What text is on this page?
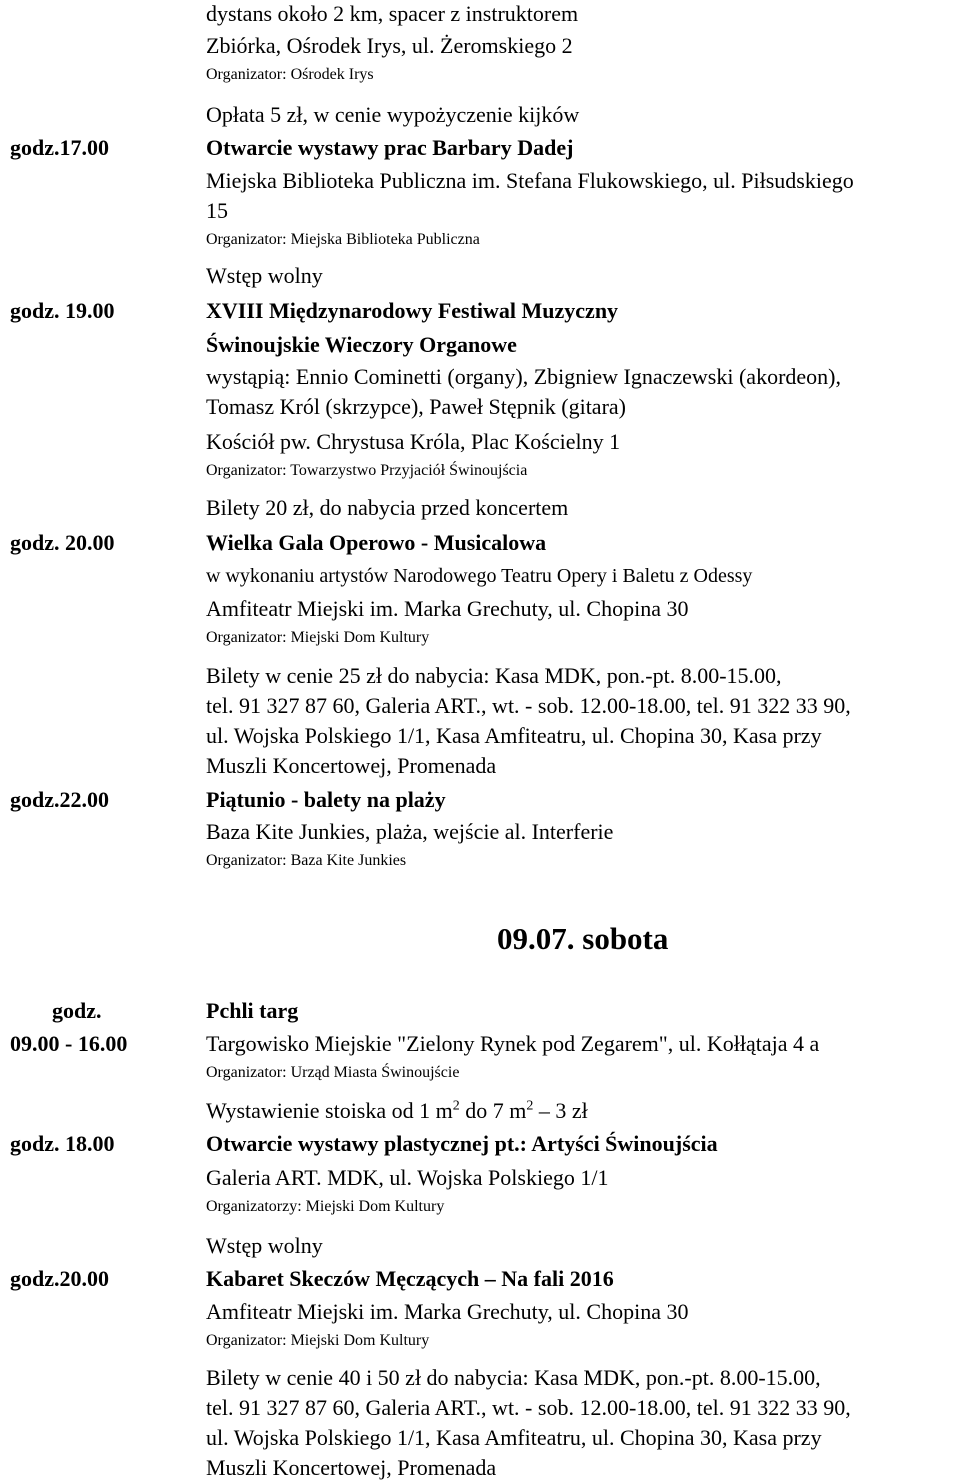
dystans około 2 km, spacer z instruktorem
Zbiórka, Ośrodek Irys, ul. Żeromskiego 2
Organizator: Ośrodek Irys
Opłata 5 zł, w cenie wypożyczenie kijków
godz.17.00	Otwarcie wystawy prac Barbary Dadej
Miejska Biblioteka Publiczna im. Stefana Flukowskiego, ul. Piłsudskiego
15
Organizator: Miejska Biblioteka Publiczna
Wstęp wolny
godz. 19.00	XVIII Międzynarodowy Festiwal Muzyczny
Świnoujskie Wieczory Organowe
wystąpią: Ennio Cominetti (organy), Zbigniew Ignaczewski (akordeon),
Tomasz Król (skrzypce), Paweł Stępnik (gitara)
Kościół pw. Chrystusa Króla, Plac Kościelny 1
Organizator: Towarzystwo Przyjaciół Świnoujścia
Bilety 20 zł, do nabycia przed koncertem
godz. 20.00	Wielka Gala Operowo - Musicalowa
w wykonaniu artystów Narodowego Teatru Opery i Baletu z Odessy
Amfiteatr Miejski im. Marka Grechuty, ul. Chopina 30
Organizator: Miejski Dom Kultury
Bilety w cenie 25 zł do nabycia: Kasa MDK, pon.-pt. 8.00-15.00,
tel. 91 327 87 60, Galeria ART., wt. - sob. 12.00-18.00, tel. 91 322 33 90,
ul. Wojska Polskiego 1/1, Kasa Amfiteatru, ul. Chopina 30, Kasa przy
Muszli Koncertowej, Promenada
godz.22.00	Piątunio - balety na plaży
Baza Kite Junkies, plaża, wejście al. Interferie
Organizator: Baza Kite Junkies
09.07. sobota
godz.	Pchli targ
09.00 - 16.00	Targowisko Miejskie "Zielony Rynek pod Zegarem", ul. Kołłątaja 4 a
Organizator: Urząd Miasta Świnoujście
Wystawienie stoiska od 1 $m^2$ do 7 $m^2 - 3$ zł
godz. 18.00	Otwarcie wystawy plastycznej pt.: Artyści Świnoujścia
Galeria ART. MDK, ul. Wojska Polskiego 1/1
Organizatorzy: Miejski Dom Kultury
Wstęp wolny
godz.20.00	Kabaret Skeczów Męczących – Na fali 2016
Amfiteatr Miejski im. Marka Grechuty, ul. Chopina 30
Organizator: Miejski Dom Kultury
Bilety w cenie 40 i 50 zł do nabycia: Kasa MDK, pon.-pt. 8.00-15.00,
tel. 91 327 87 60, Galeria ART., wt. - sob. 12.00-18.00, tel. 91 322 33 90,
ul. Wojska Polskiego 1/1, Kasa Amfiteatru, ul. Chopina 30, Kasa przy
Muszli Koncertowej, Promenada
